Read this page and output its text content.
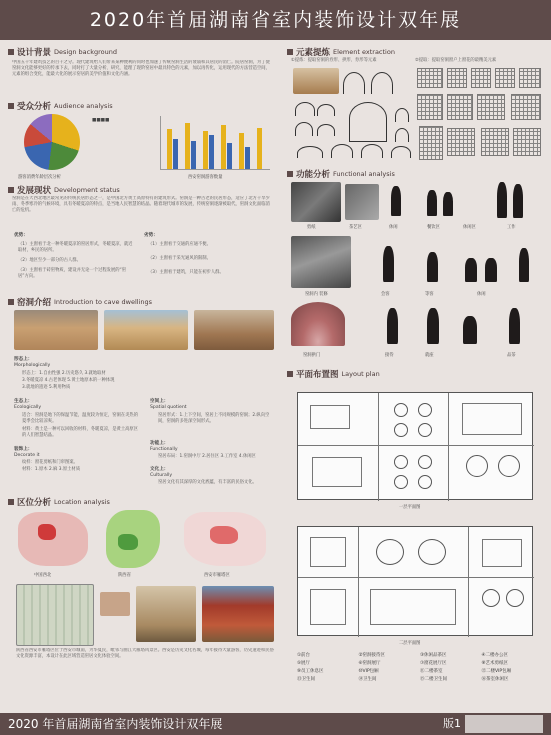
2020年首届湖南省室内装饰设计双年展
设计背景 Design background
中国五千年建筑技艺的百千之分。现代建筑给人们带来某种便利的同时也加速了传统窑洞生活的衰弱和其居民的消亡。院居窑洞，为了使窑洞文化能够更好的传承下去，同时打了大量分析、研究，能理了现阶窑居中最具特色的元素，加以再传化，运用现代的方法营造空间，元素的组合变化，能最大化的展示窑居的美学价值和文化内涵。
受众分析 Audience analysis
■■■■
游客消费年龄层次分析	西安窑洞游客数量
发展现状 Development status
窑洞是在大西北地区最常见的传统民居形态之一，是中国北方黄土高原特有的建筑形式。窑洞是一种古老的民居形态，适应了北方干旱少雨、冬季寒冷的气候环境，具有冬暖夏凉的特点，是当地人民智慧的结晶。随着现代城市的发展，传统窑洞逐渐被取代，窑洞文化面临消亡的危机。
优势：	劣势：
（1）主窗看于北一种冬暖夏凉的窑居形式，冬暖夏凉，就近取材，乡民的居所。
（2）地区至少一部分的古人群。
（3）主窗看于砖窑物质，建设并无论一个过程发展的“窑居”方向。
（1）主窗看于交通的应通不便。
（2）主窗看于采光通风的限制。
（3）主窗看于建筑，只能在初步人群。
窑洞介绍 Introduction to cave dwellings
形态上：
Morphologically
形态上：1.自由性强 2.历史悠久 3.就地取材
3.冬暖夏凉 4.古老体现 5.黄土地原本的一种体现
3.就地的遗迹 5.利用物质
生态上：
Ecologically
适合：窑洞是地下的保温节能，温度较为恒定，窑洞在炎热的夏季会比较凉爽。
材料：黄土是一种可以回收的材料，冬暖夏凉，是黄土高原区的人们智慧结晶。
装饰上：
Decorate it
纹样：窗花剪纸和门帘图案。
材料：1.原木 2.麻 3.原土材质
空间上：
Spatial quotient
窑居形式：1.上下空间，窑居上不同规模的窑洞；2.纵向空间，窑洞的多进深空间形式。
功能上：
Functionally
窑居布局：1.窑洞中厅 2.居住区 3.工作室 4.休闲区
文化上：
Culturally
窑居文化有其深厚的文化底蕴，有丰富的民俗文化。
区位分析 Location analysis
中国西北	陕西省	西安市雁塔区
陕西省西安市雁塔区位于西安市城南，为华夏民，毗邻与曲江大雁塔风景区。西安是历史文化名城，每年接待大量游客，历史遗迹和民俗文化资源丰富，本设计在此区域营造窑居文化体验空间。
元素提炼 Element extraction
①提炼：提取窑洞的券形、拱形、券形等元素	②提取：提取窑洞窗户上窗花的最精美元素
功能分析 Functional analysis
剪纸	茶艺区	休闲	餐饮区	休闲区	工作
窑洞内 装修	会客	等客	休闲
窑洞拱门	接待	就座	品茶
平面布置图 Layout plan
一层平面图
二层平面图
①前台	②窑洞接待区	③休闲品茶区	④二楼办公区
⑤展厅	⑥窑洞展厅	⑦窗花展厅区	⑧艺术剪纸区
⑨员工休息区	⑩VIP包厢	⑪二楼茶室	⑫二楼VIP包厢
⑬卫生间	⑭卫生间	⑮二楼卫生间	⑯茶室休闲区
2020 年首届湖南省室内装饰设计双年展	版1
